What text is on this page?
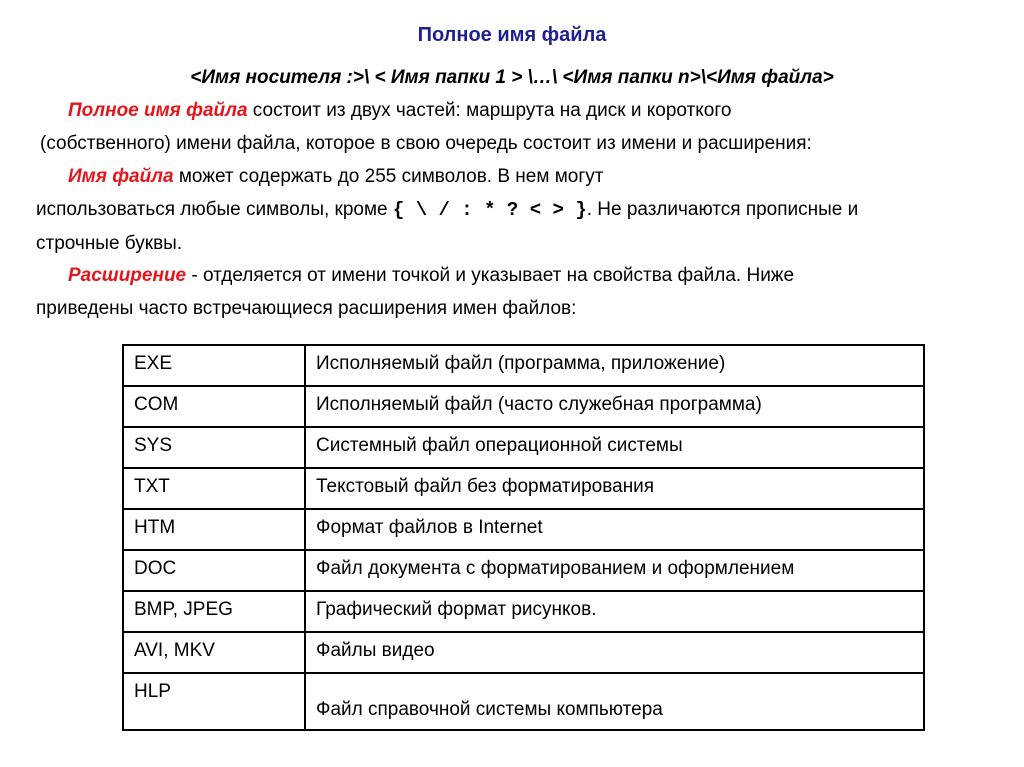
Полное имя файла
<Имя носителя :>\ < Имя папки 1 > \…\ <Имя папки n>\<Имя файла>
Полное имя файла состоит из двух частей: маршрута на диск и короткого
(собственного) имени файла, которое в свою очередь состоит из имени и расширения:
Имя файла может содержать до 255 символов. В нем могут
использоваться любые символы, кроме { \ / : * ? < > }. Не различаются прописные и
строчные буквы.
Расширение - отделяется от имени точкой и указывает на свойства файла. Ниже
приведены часто встречающиеся расширения имен файлов:
EXE	Исполняемый файл (программа, приложение)
COM	Исполняемый файл (часто служебная программа)
SYS	Системный файл операционной системы
TXT	Текстовый файл без форматирования
HTM	Формат файлов в Internet
DOC	Файл документа с форматированием и оформлением
BMP, JPEG	Графический формат рисунков.
AVI, MKV	Файлы видео
HLP	Файл справочной системы компьютера
